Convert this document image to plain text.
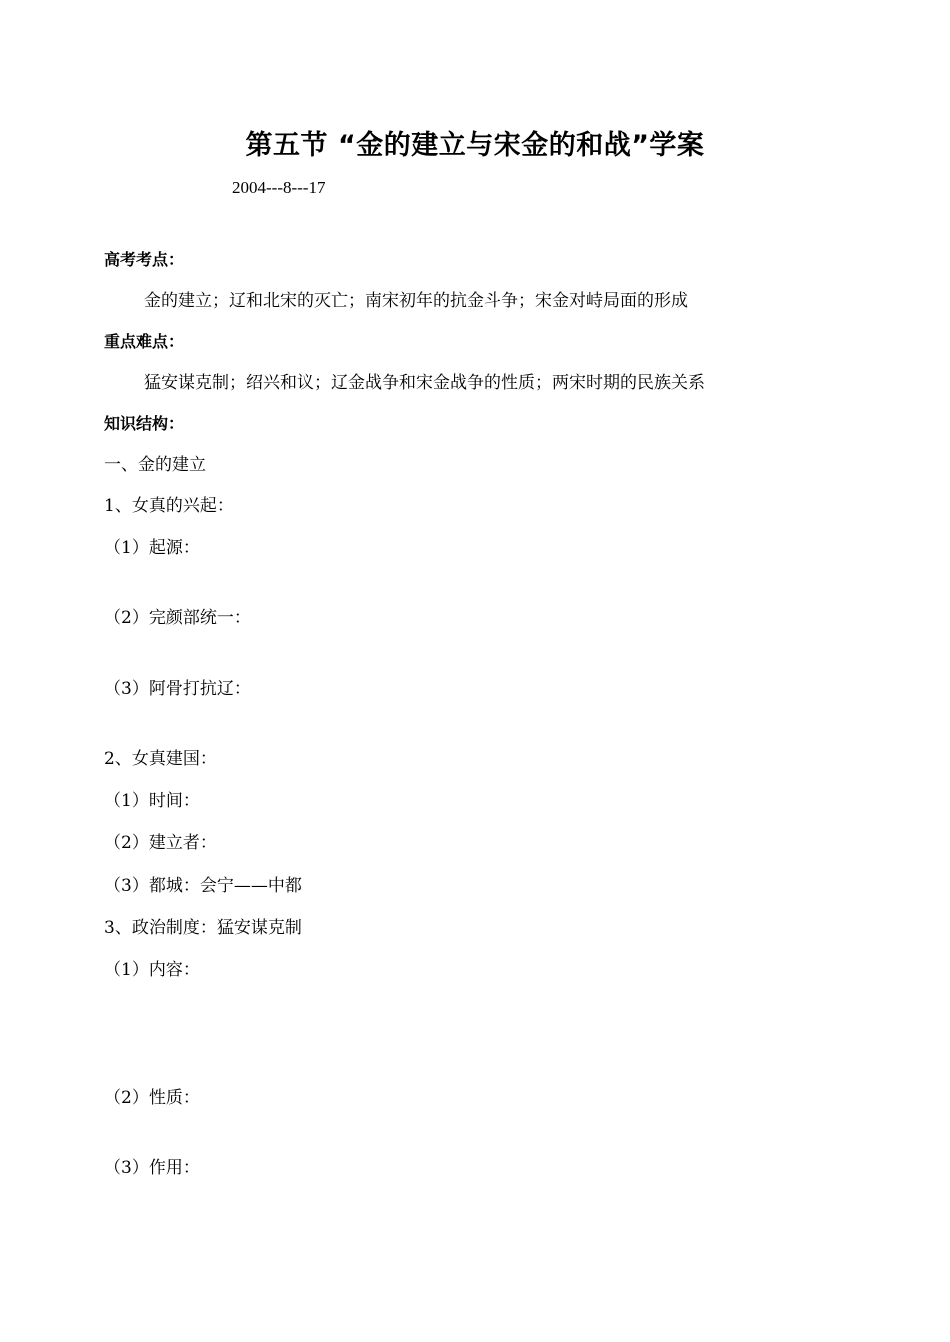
第五节 “金的建立与宋金的和战”学案
2004---8---17
高考考点：
金的建立；辽和北宋的灭亡；南宋初年的抗金斗争；宋金对峙局面的形成
重点难点：
猛安谋克制；绍兴和议；辽金战争和宋金战争的性质；两宋时期的民族关系
知识结构：
一、金的建立
1、女真的兴起：
（1）起源：
（2）完颜部统一：
（3）阿骨打抗辽：
2、女真建国：
（1）时间：
（2）建立者：
（3）都城：会宁——中都
3、政治制度：猛安谋克制
（1）内容：
（2）性质：
（3）作用：
